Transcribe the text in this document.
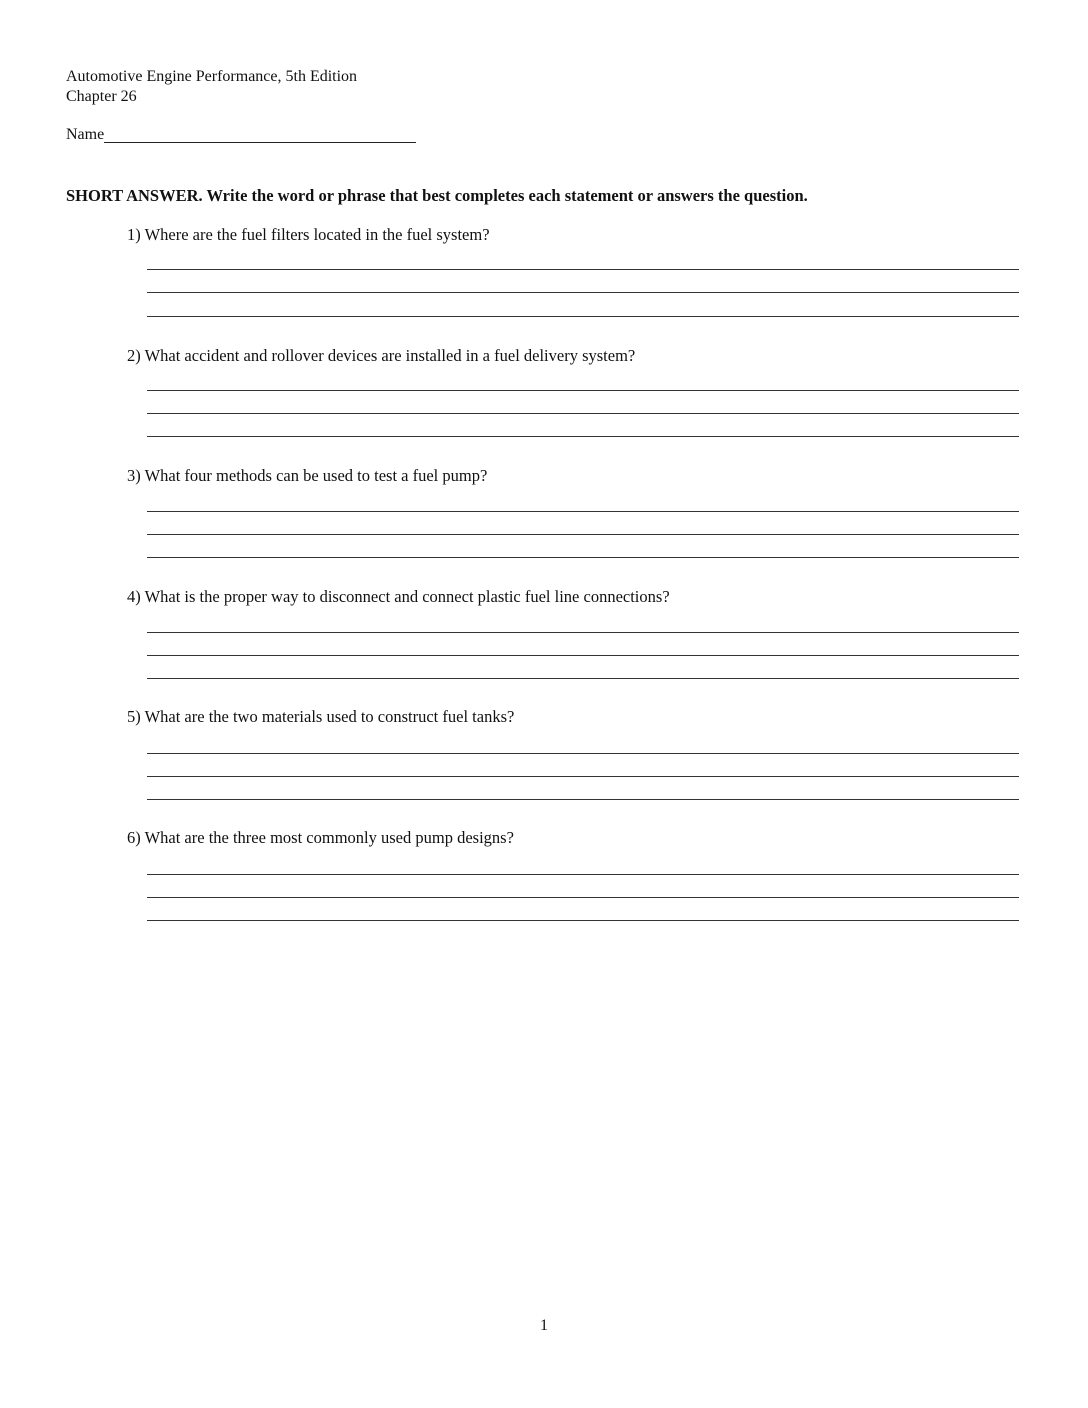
Automotive Engine Performance, 5th Edition
Chapter 26
Name
SHORT ANSWER. Write the word or phrase that best completes each statement or answers the question.

1) Where are the fuel filters located in the fuel system?

2) What accident and rollover devices are installed in a fuel delivery system?

3) What four methods can be used to test a fuel pump?

4) What is the proper way to disconnect and connect plastic fuel line connections?

5) What are the two materials used to construct fuel tanks?

6) What are the three most commonly used pump designs?

1
